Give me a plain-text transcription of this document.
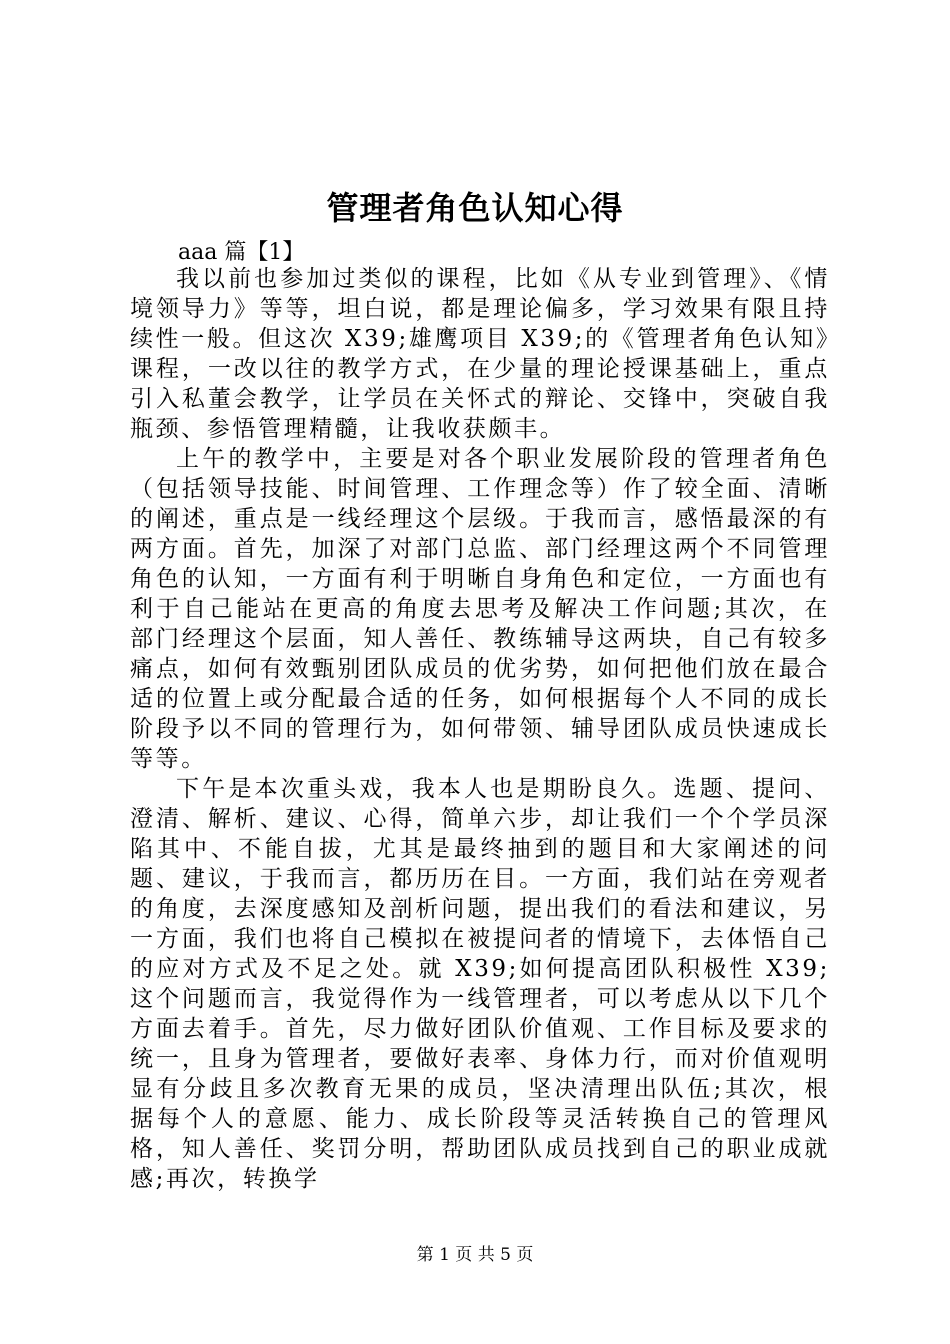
管理者角色认知心得
aaa 篇【1】

我以前也参加过类似的课程，比如《从专业到管理》、《情境领导力》等等，坦白说，都是理论偏多，学习效果有限且持续性一般。但这次 X39;雄鹰项目 X39;的《管理者角色认知》课程，一改以往的教学方式，在少量的理论授课基础上，重点引入私董会教学，让学员在关怀式的辩论、交锋中，突破自我瓶颈、参悟管理精髓，让我收获颇丰。

上午的教学中，主要是对各个职业发展阶段的管理者角色（包括领导技能、时间管理、工作理念等）作了较全面、清晰的阐述，重点是一线经理这个层级。于我而言，感悟最深的有两方面。首先，加深了对部门总监、部门经理这两个不同管理角色的认知，一方面有利于明晰自身角色和定位，一方面也有利于自己能站在更高的角度去思考及解决工作问题;其次，在部门经理这个层面，知人善任、教练辅导这两块，自己有较多痛点，如何有效甄别团队成员的优劣势，如何把他们放在最合适的位置上或分配最合适的任务，如何根据每个人不同的成长阶段予以不同的管理行为，如何带领、辅导团队成员快速成长等等。

下午是本次重头戏，我本人也是期盼良久。选题、提问、澄清、解析、建议、心得，简单六步，却让我们一个个学员深陷其中、不能自拔，尤其是最终抽到的题目和大家阐述的问题、建议，于我而言，都历历在目。一方面，我们站在旁观者的角度，去深度感知及剖析问题，提出我们的看法和建议，另一方面，我们也将自己模拟在被提问者的情境下，去体悟自己的应对方式及不足之处。就 X39;如何提高团队积极性 X39;这个问题而言，我觉得作为一线管理者，可以考虑从以下几个方面去着手。首先，尽力做好团队价值观、工作目标及要求的统一，且身为管理者，要做好表率、身体力行，而对价值观明显有分歧且多次教育无果的成员，坚决清理出队伍;其次，根据每个人的意愿、能力、成长阶段等灵活转换自己的管理风格，知人善任、奖罚分明，帮助团队成员找到自己的职业成就感;再次，转换学

第 1 页 共 5 页
